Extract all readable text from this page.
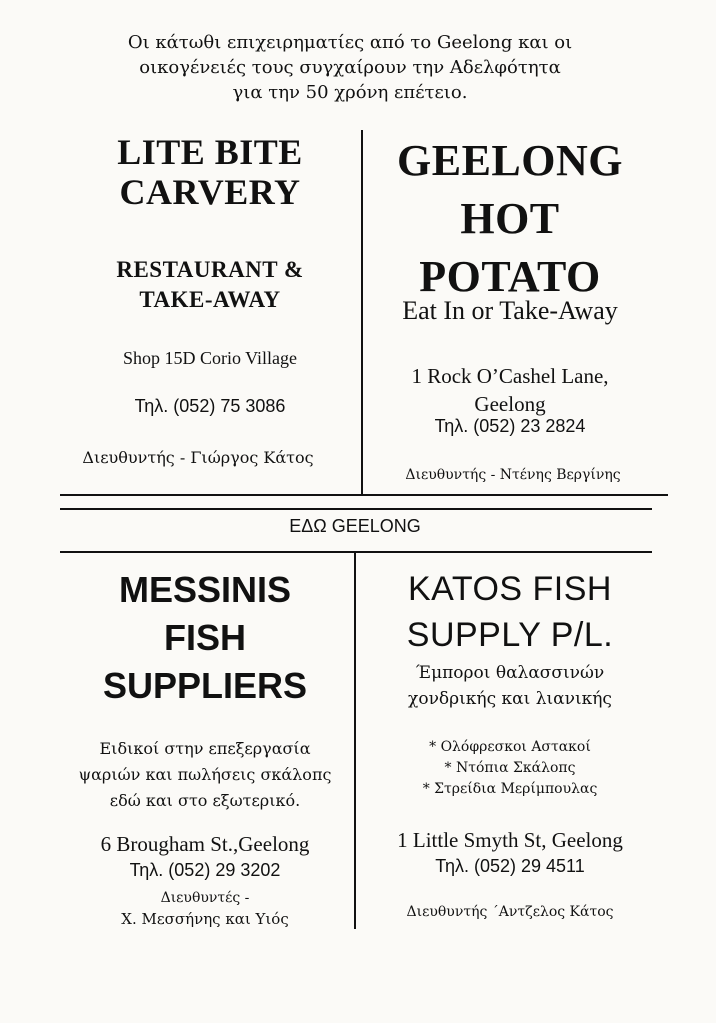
Οι κάτωθι επιχειρηματίες από το Geelong και οι
οικογένειές τους συγχαίρουν την Αδελφότητα
για την 50 χρόνη επέτειο.
LITE BITE
CARVERY
RESTAURANT &
TAKE-AWAY
Shop 15D Corio Village
Τηλ. (052) 75 3086
Διευθυντής - Γιώργος Κάτος
GEELONG
HOT
POTATO
Eat In or Take-Away
1 Rock O’Cashel Lane,
Geelong
Τηλ. (052) 23 2824
Διευθυντής - Ντένης Βεργίνης
ΕΔΩ GEELONG
MESSINIS
FISH
SUPPLIERS
Ειδικοί στην επεξεργασία
ψαριών και πωλήσεις σκάλοπς
εδώ και στο εξωτερικό.
6 Brougham St.,Geelong
Τηλ. (052) 29 3202
Διευθυντές -
Χ. Μεσσήνης και Υιός
KATOS FISH
SUPPLY P/L.
Έμποροι θαλασσινών
χονδρικής και λιανικής
* Ολόφρεσκοι Αστακοί
* Ντόπια Σκάλοπς
* Στρείδια Μερίμπουλας
1 Little Smyth St, Geelong
Τηλ. (052) 29 4511
Διευθυντής ΄Αντζελος Κάτος
